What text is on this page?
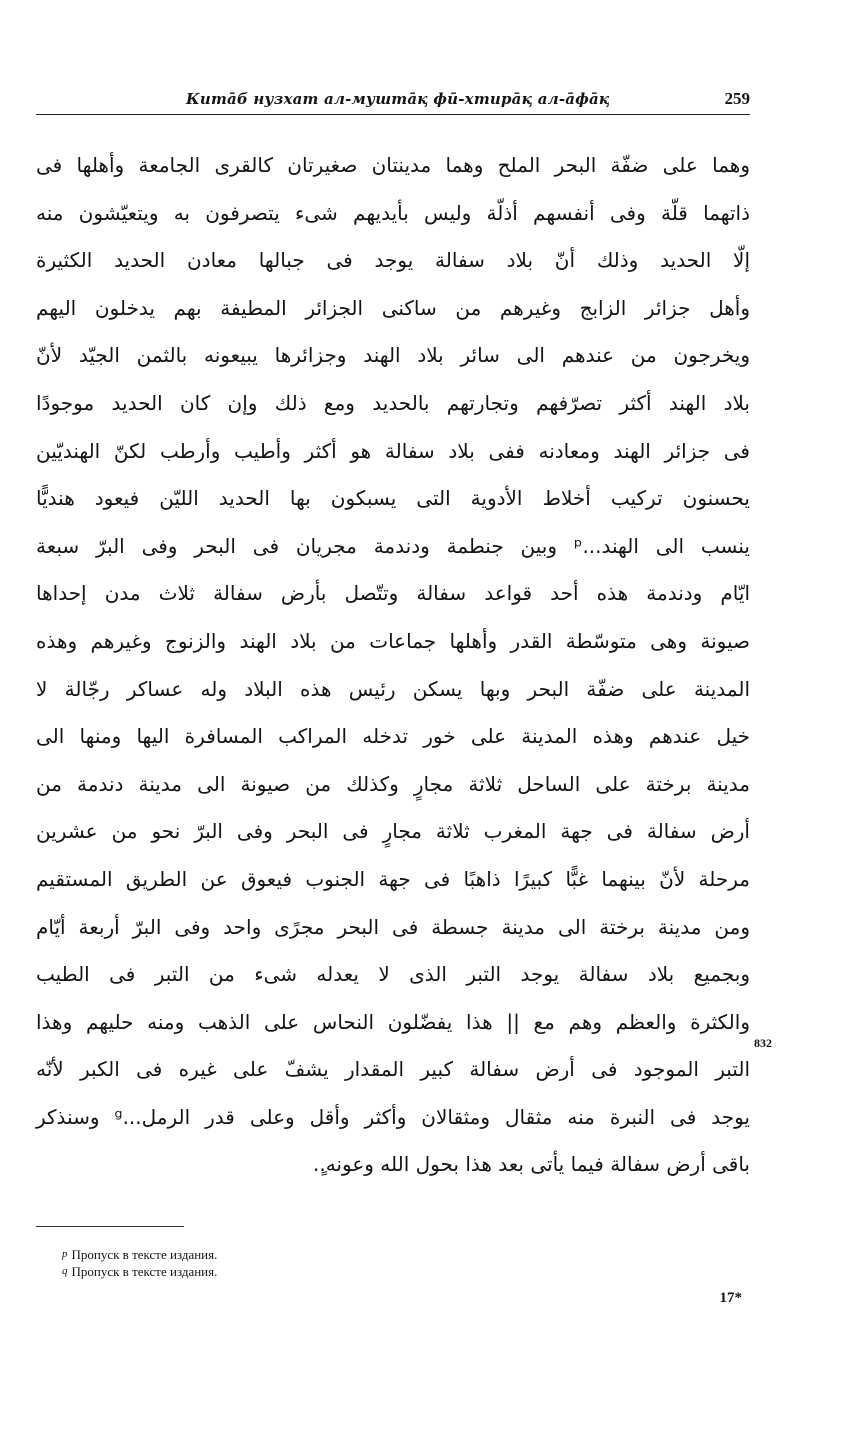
Китāб нузхат ал-муштāқ фū-хтирāқ ал-āфāқ	259
وهما على ضفّة البحر الملح وهما مدينتان صغيرتان كالقرى الجامعة وأهلها فى
ذاتهما قلّة وفى أنفسهم أذلّة وليس بأيديهم شىء يتصرفون به ويتعيّشون منه
إلّا الحديد وذلك أنّ بلاد سفالة يوجد فى جبالها معادن الحديد الكثيرة
وأهل جزائر الزابج وغيرهم من ساكنى الجزائر المطيفة بهم يدخلون اليهم
ويخرجون من عندهم الى سائر بلاد الهند وجزائرها يبيعونه بالثمن الجيّد لأنّ
بلاد الهند أكثر تصرّفهم وتجارتهم بالحديد ومع ذلك وإن كان الحديد موجودًا
فى جزائر الهند ومعادنه ففى بلاد سفالة هو أكثر وأطيب وأرطب لكنّ الهنديّين
يحسنون تركيب أخلاط الأدوية التى يسبكون بها الحديد الليّن فيعود هنديًّا
ينسب الى الهند...ᵖ وبين جنطمة ودندمة مجريان فى البحر وفى البرّ سبعة
ايّام ودندمة هذه أحد قواعد سفالة وتتّصل بأرض سفالة ثلاث مدن إحداها
صيونة وهى متوسّطة القدر وأهلها جماعات من بلاد الهند والزنوج وغيرهم وهذه
المدينة على ضفّة البحر وبها يسكن رئيس هذه البلاد وله عساكر رجّالة لا
خيل عندهم وهذه المدينة على خور تدخله المراكب المسافرة اليها ومنها الى
مدينة برختة على الساحل ثلاثة مجارٍ وكذلك من صيونة الى مدينة دندمة من
أرض سفالة فى جهة المغرب ثلاثة مجارٍ فى البحر وفى البرّ نحو من عشرين
مرحلة لأنّ بينهما غبًّا كبيرًا ذاهبًا فى جهة الجنوب فيعوق عن الطريق المستقيم
ومن مدينة برختة الى مدينة جسطة فى البحر مجرًى واحد وفى البرّ أربعة أيّام
وبجميع بلاد سفالة يوجد التبر الذى لا يعدله شىء من التبر فى الطيب
والكثرة والعظم وهم مع || هذا يفضّلون النحاس على الذهب ومنه حليهم وهذا
التبر الموجود فى أرض سفالة كبير المقدار يشفّ على غيره فى الكبر لأنّه
يوجد فى النبرة منه مثقال ومثقالان وأكثر وأقل وعلى قدر الرمل...ᵍ وسنذكر
باقى أرض سفالة فيما يأتى بعد هذا بحول الله وعونه.ٍ.
832
p Пропуск в тексте издания.
q Пропуск в тексте издания.
17*
